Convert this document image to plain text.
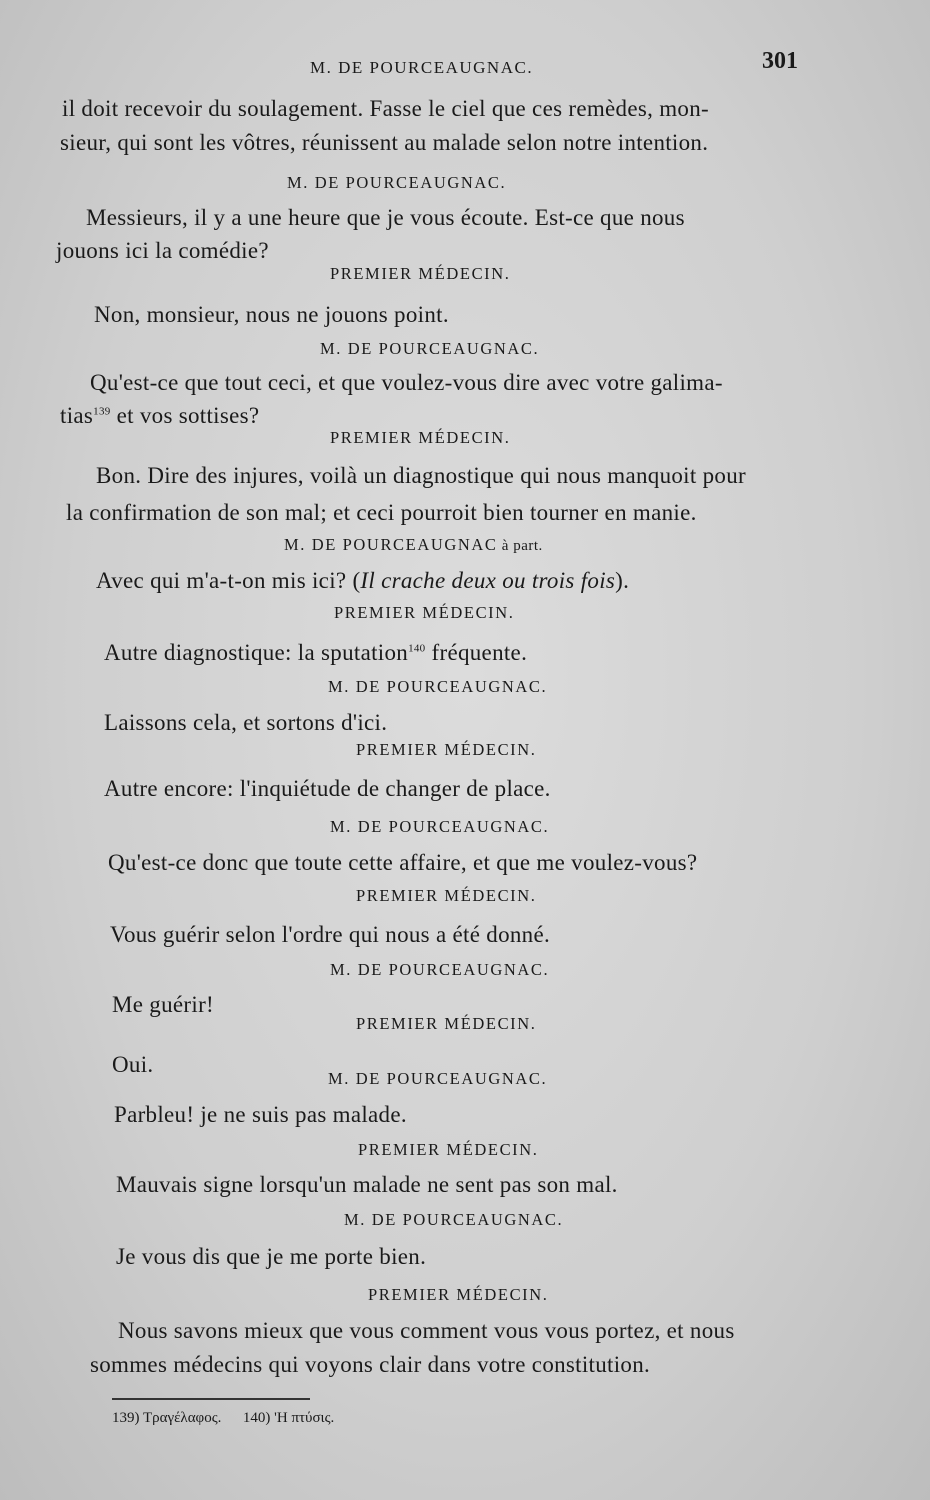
M. DE POURCEAUGNAC.	301
il doit recevoir du soulagement. Fasse le ciel que ces remèdes, mon-
sieur, qui sont les vôtres, réunissent au malade selon notre intention.
M. DE POURCEAUGNAC.
Messieurs, il y a une heure que je vous écoute. Est-ce que nous
jouons ici la comédie?
PREMIER MÉDECIN.
Non, monsieur, nous ne jouons point.
M. DE POURCEAUGNAC.
Qu'est-ce que tout ceci, et que voulez-vous dire avec votre galima-
tias$^{139}$ et vos sottises?
PREMIER MÉDECIN.
Bon. Dire des injures, voilà un diagnostique qui nous manquoit pour
la confirmation de son mal; et ceci pourroit bien tourner en manie.
M. DE POURCEAUGNAC à part.
Avec qui m'a-t-on mis ici? (Il crache deux ou trois fois).
PREMIER MÉDECIN.
Autre diagnostique: la sputation$^{140}$ fréquente.
M. DE POURCEAUGNAC.
Laissons cela, et sortons d'ici.
PREMIER MÉDECIN.
Autre encore: l'inquiétude de changer de place.
M. DE POURCEAUGNAC.
Qu'est-ce donc que toute cette affaire, et que me voulez-vous?
PREMIER MÉDECIN.
Vous guérir selon l'ordre qui nous a été donné.
M. DE POURCEAUGNAC.
Me guérir!
PREMIER MÉDECIN.
Oui.
M. DE POURCEAUGNAC.
Parbleu! je ne suis pas malade.
PREMIER MÉDECIN.
Mauvais signe lorsqu'un malade ne sent pas son mal.
M. DE POURCEAUGNAC.
Je vous dis que je me porte bien.
PREMIER MÉDECIN.
Nous savons mieux que vous comment vous vous portez, et nous
sommes médecins qui voyons clair dans votre constitution.
139) Τραγέλαφος. 140) 'Η πτύσις.
